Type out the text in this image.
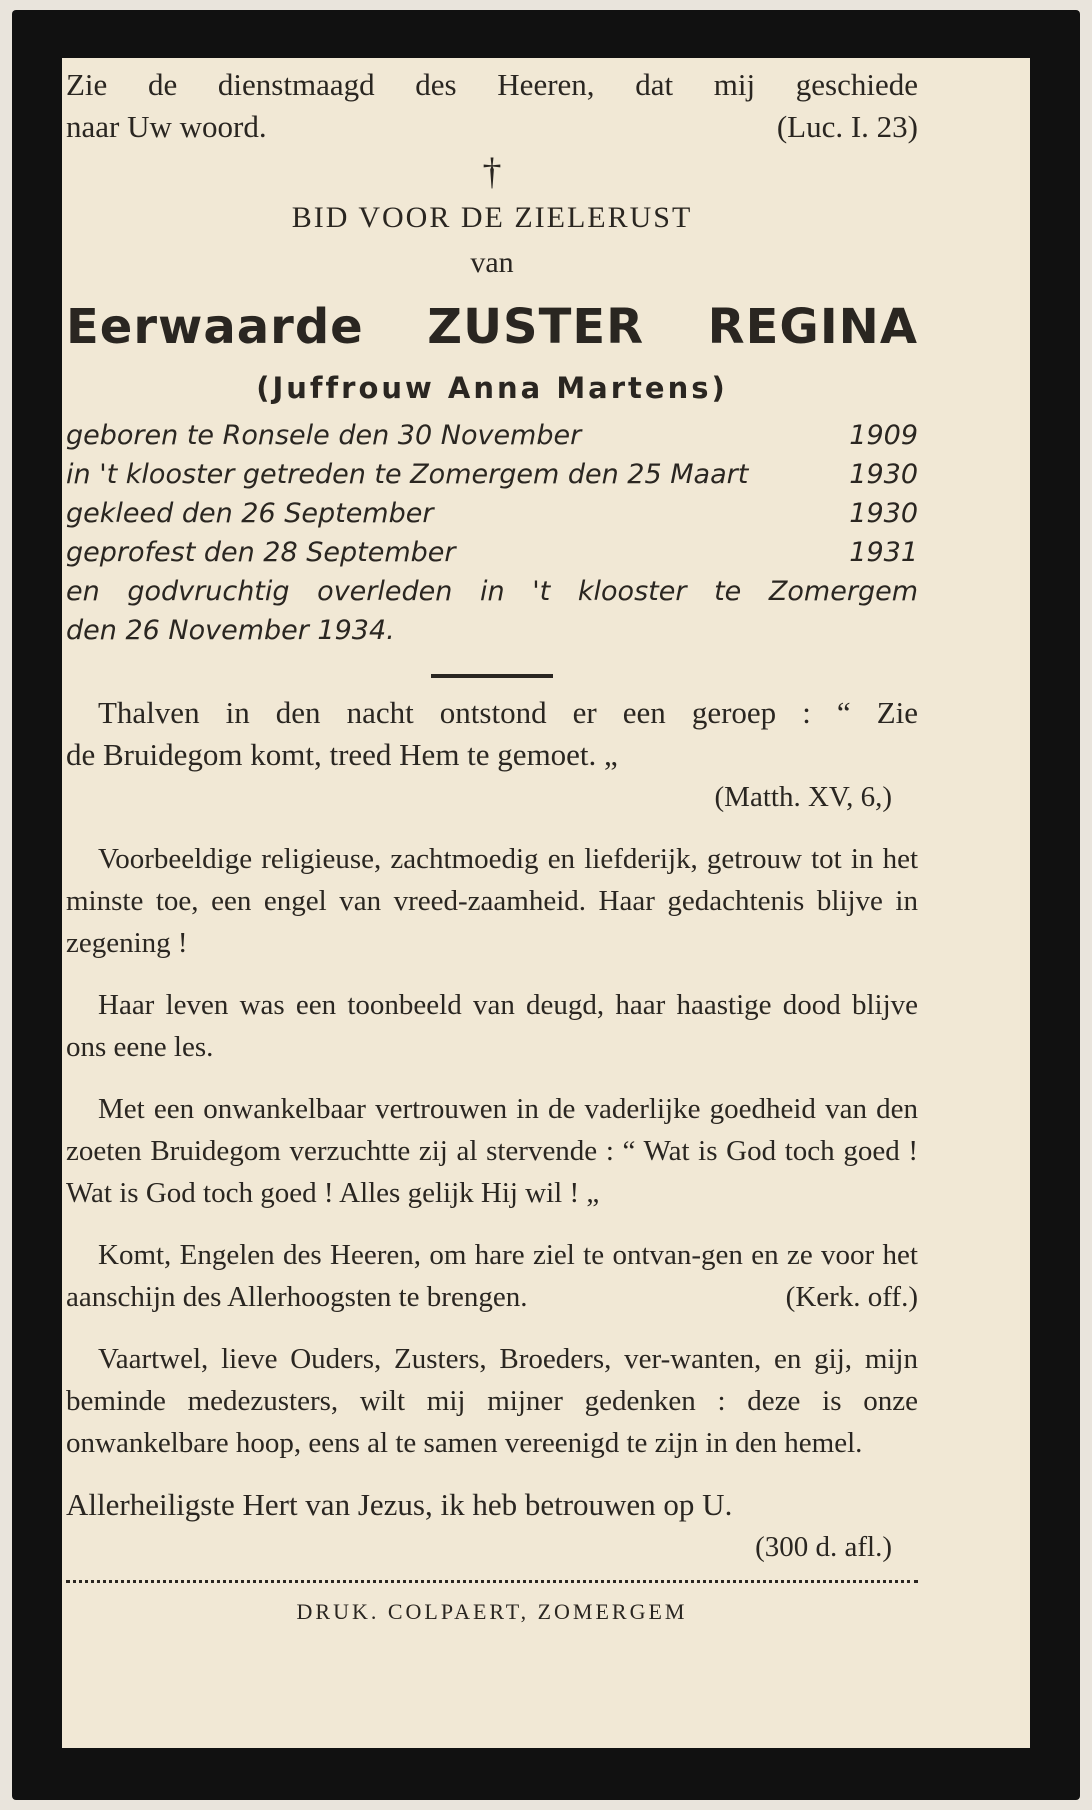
Zie de dienstmaagd des Heeren, dat mij geschiede
naar Uw woord.	(Luc. I. 23)
†
BID VOOR DE ZIELERUST
van
Eerwaarde ZUSTER REGINA
(Juffrouw Anna Martens)
geboren te Ronsele den 30 November	1909
in 't klooster getreden te Zomergem den 25 Maart	1930
gekleed den 26 September	1930
geprofest den 28 September	1931
en godvruchtig overleden in 't klooster te Zomergem
den 26 November 1934.
Thalven in den nacht ontstond er een geroep : “ Zie
de Bruidegom komt, treed Hem te gemoet. „
(Matth. XV, 6,)

Voorbeeldige religieuse, zachtmoedig en liefderijk, getrouw tot in het minste toe, een engel van vreed-zaamheid. Haar gedachtenis blijve in zegening !

Haar leven was een toonbeeld van deugd, haar haastige dood blijve ons eene les.

Met een onwankelbaar vertrouwen in de vaderlijke goedheid van den zoeten Bruidegom verzuchtte zij al stervende : “ Wat is God toch goed ! Wat is God toch goed ! Alles gelijk Hij wil ! „

Komt, Engelen des Heeren, om hare ziel te ontvan-gen en ze voor het aanschijn des Allerhoogsten te brengen.	(Kerk. off.)

Vaartwel, lieve Ouders, Zusters, Broeders, ver-wanten, en gij, mijn beminde medezusters, wilt mij mijner gedenken : deze is onze onwankelbare hoop, eens al te samen vereenigd te zijn in den hemel.

Allerheiligste Hert van Jezus, ik heb betrouwen op U.
(300 d. afl.)
DRUK. COLPAERT, ZOMERGEM
